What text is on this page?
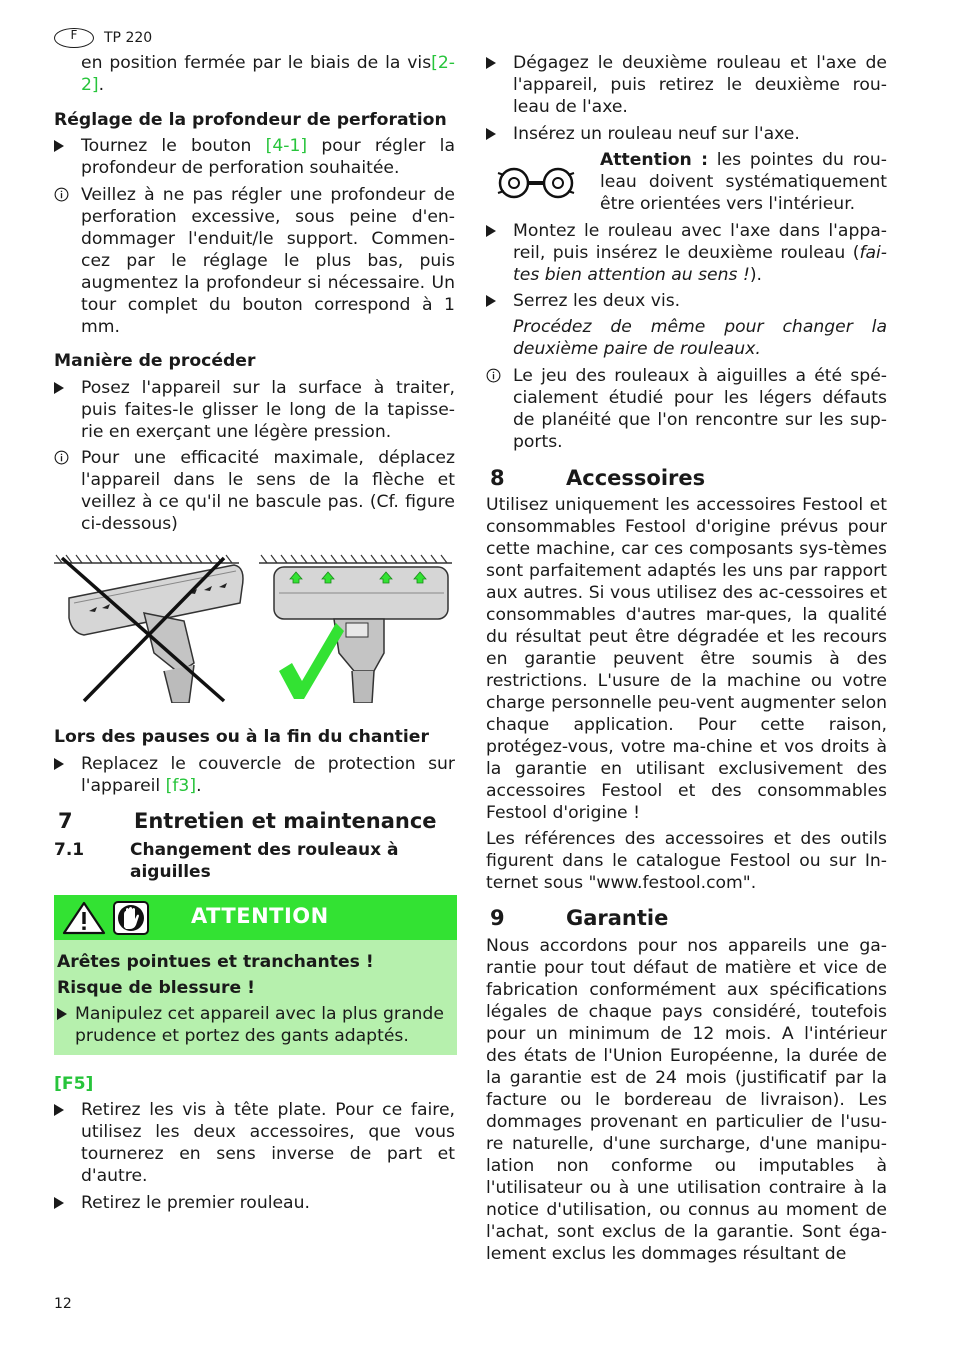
F TP 220

en position fermée par le biais de la vis[2-2].

Réglage de la profondeur de perforation

Tournez le bouton [4-1] pour régler la profondeur de perforation souhaitée.

Veillez à ne pas régler une profondeur de perforation excessive, sous peine d'en-dommager l'enduit/le support. Commen-cez par le réglage le plus bas, puis augmentez la profondeur si nécessaire. Un tour complet du bouton correspond à 1 mm.

Manière de procéder

Posez l'appareil sur la surface à traiter, puis faites-le glisser le long de la tapisse-rie en exerçant une légère pression.

Pour une efficacité maximale, déplacez l'appareil dans le sens de la flèche et veillez à ce qu'il ne bascule pas. (Cf. figure ci-dessous)

Lors des pauses ou à la fin du chantier

Replacez le couvercle de protection sur l'appareil [f3].

7	Entretien et maintenance
7.1	Changement des rouleaux à aiguilles
ATTENTION
Arêtes pointues et tranchantes !
Risque de blessure !

Manipulez cet appareil avec la plus grande prudence et portez des gants adaptés.

[F5]

Retirez les vis à tête plate. Pour ce faire, utilisez les deux accessoires, que vous tournerez en sens inverse de part et d'autre.

Retirez le premier rouleau.

Dégagez le deuxième rouleau et l'axe de l'appareil, puis retirez le deuxième rou-leau de l'axe.

Insérez un rouleau neuf sur l'axe.

Attention : les pointes du rou-leau doivent systématiquement être orientées vers l'intérieur.

Montez le rouleau avec l'axe dans l'appa-reil, puis insérez le deuxième rouleau (fai-tes bien attention au sens !).

Serrez les deux vis.

Procédez de même pour changer la deuxième paire de rouleaux.

Le jeu des rouleaux à aiguilles a été spé-cialement étudié pour les légers défauts de planéité que l'on rencontre sur les sup-ports.

8	Accessoires

Utilisez uniquement les accessoires Festool et consommables Festool d'origine prévus pour cette machine, car ces composants sys-tèmes sont parfaitement adaptés les uns par rapport aux autres. Si vous utilisez des ac-cessoires et consommables d'autres mar-ques, la qualité du résultat peut être dégradée et les recours en garantie peuvent être soumis à des restrictions. L'usure de la machine ou votre charge personnelle peu-vent augmenter selon chaque application. Pour cette raison, protégez-vous, votre ma-chine et vos droits à la garantie en utilisant exclusivement des accessoires Festool et des consommables Festool d'origine !

Les références des accessoires et des outils figurent dans le catalogue Festool ou sur In-ternet sous "www.festool.com".

9	Garantie

Nous accordons pour nos appareils une ga-rantie pour tout défaut de matière et vice de fabrication conformément aux spécifications légales de chaque pays considéré, toutefois pour un minimum de 12 mois. A l'intérieur des états de l'Union Européenne, la durée de la garantie est de 24 mois (justificatif par la facture ou le bordereau de livraison). Les dommages provenant en particulier de l'usu-re naturelle, d'une surcharge, d'une manipu-lation non conforme ou imputables à l'utilisateur ou à une utilisation contraire à la notice d'utilisation, ou connus au moment de l'achat, sont exclus de la garantie. Sont éga-lement exclus les dommages résultant de

12
